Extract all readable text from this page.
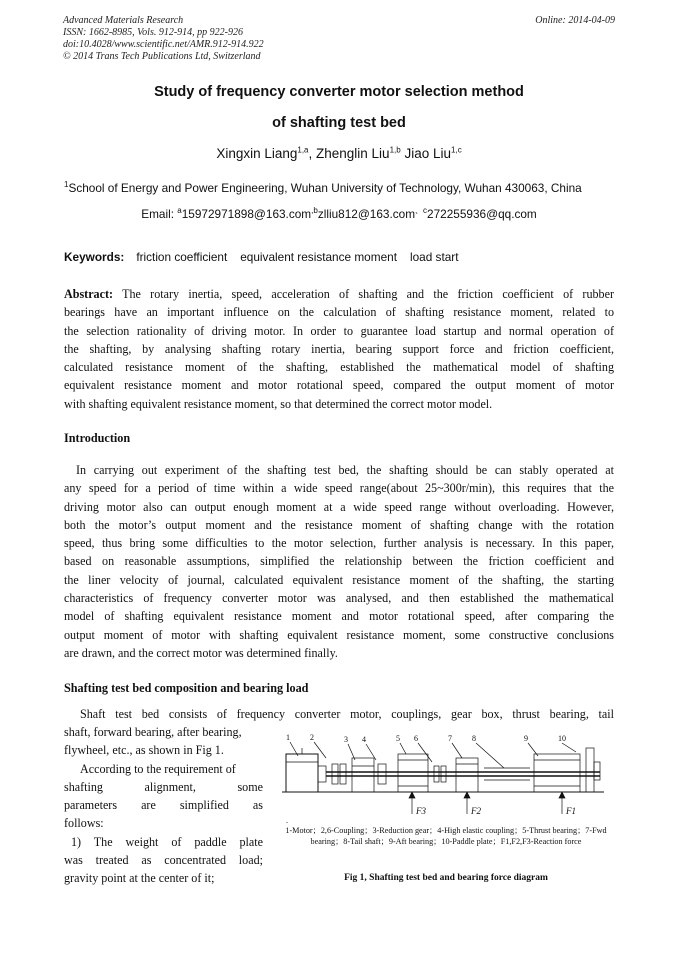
Advanced Materials Research
ISSN: 1662-8985, Vols. 912-914, pp 922-926
doi:10.4028/www.scientific.net/AMR.912-914.922
© 2014 Trans Tech Publications Ltd, Switzerland
Online: 2014-04-09
Study of frequency converter motor selection method
of shafting test bed
Xingxin Liang$^{1,a}$, Zhenglin Liu$^{1,b}$ Jiao Liu$^{1,c}$
$^1$School of Energy and Power Engineering, Wuhan University of Technology, Wuhan 430063, China
Email: $^a$15972971898@163.com$^{,b}$zlliu812@163.com$^{、c}$272255936@qq.com
Keywords: friction coefficient equivalent resistance moment load start
Abstract: The rotary inertia, speed, acceleration of shafting and the friction coefficient of rubber
bearings have an important influence on the calculation of shafting resistance moment, related to
the selection rationality of driving motor. In order to guarantee load startup and normal operation of
the shafting, by analysing shafting rotary inertia, bearing support force and friction coefficient,
calculated resistance moment of the shafting, established the mathematical model of shafting
equivalent resistance moment and motor rotational speed, compared the output moment of motor
with shafting equivalent resistance moment, so that determined the correct motor model.
Introduction
In carrying out experiment of the shafting test bed, the shafting should be can stably operated at
any speed for a period of time within a wide speed range(about 25~300r/min), this requires that the
driving motor also can output enough moment at a wide speed range without overloading. However,
both the motor’s output moment and the resistance moment of shafting change with the rotation
speed, thus bring some difficulties to the motor selection, further analysis is necessary. In this paper,
based on reasonable assumptions, simplified the relationship between the friction coefficient and
the liner velocity of journal, calculated equivalent resistance moment of the shafting, the starting
characteristics of frequency converter motor was analysed, and then established the mathematical
model of shafting equivalent resistance moment and motor rotational speed, after comparing the
output moment of motor with shafting equivalent resistance moment, some constructive conclusions
are drawn, and the correct motor was determined finally.
Shafting test bed composition and bearing load
Shaft test bed consists of frequency converter motor, couplings, gear box, thrust bearing, tail
shaft, forward bearing, after bearing,
flywheel, etc., as shown in Fig 1.
According to the requirement of
shafting alignment, some
parameters are simplified as
follows:
1) The weight of paddle plate
was treated as concentrated load;
gravity point at the center of it;
1	2	3 4	5 6	7	8	9	10
F3	F2	F1
.
1-Motor；2,6-Coupling；3-Reduction gear；4-High elastic coupling；5-Thrust bearing；7-Fwd
bearing；8-Tail shaft；9-Aft bearing；10-Paddle plate；F1,F2,F3-Reaction force
Fig 1, Shafting test bed and bearing force diagram
